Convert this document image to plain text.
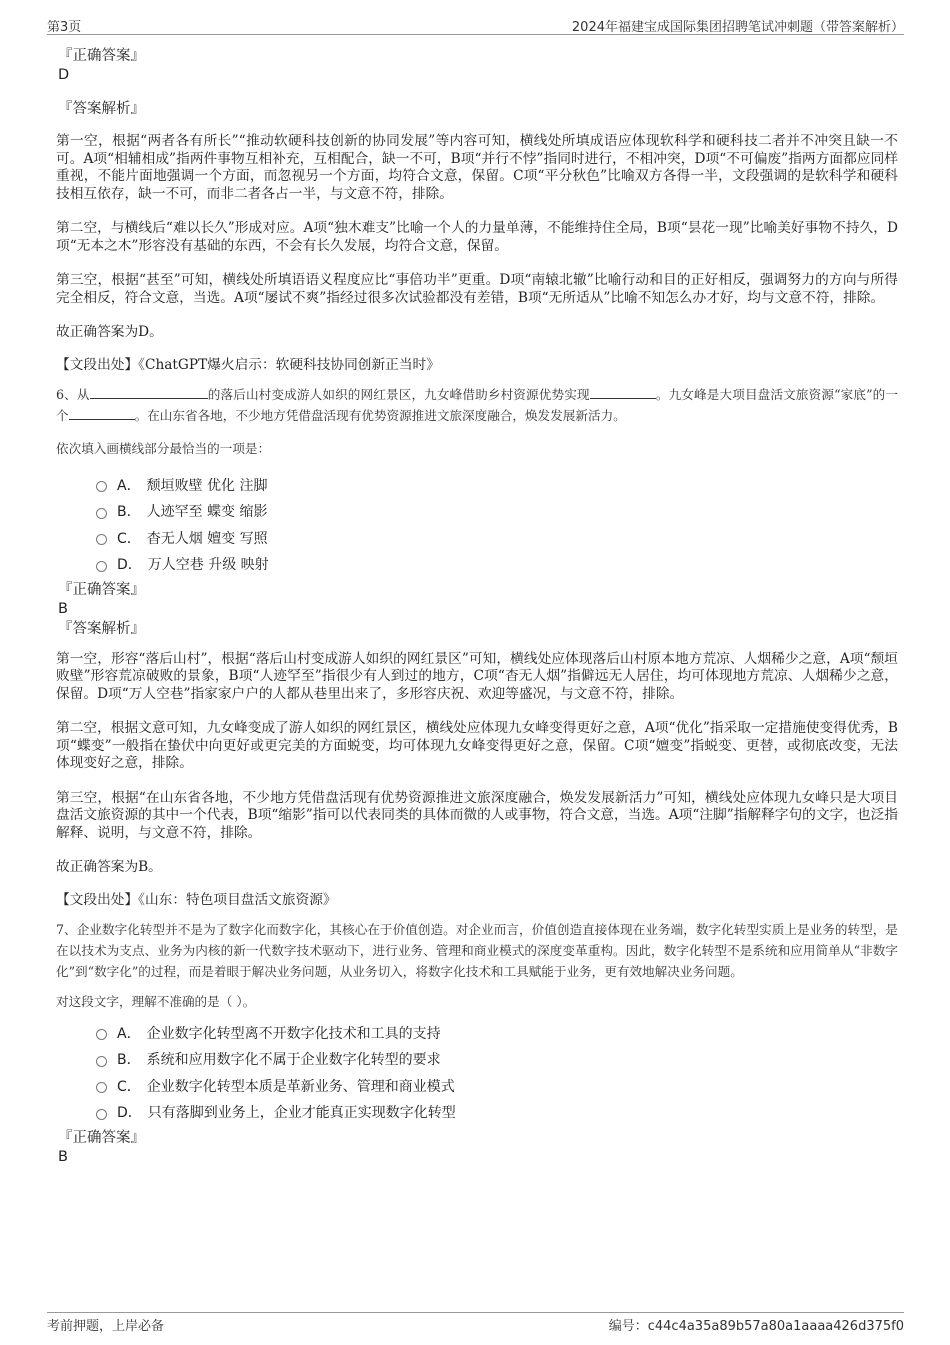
第3页	2024年福建宝成国际集团招聘笔试冲刺题（带答案解析）
『正确答案』
D
『答案解析』

第一空，根据“两者各有所长”“推动软硬科技创新的协同发展”等内容可知，横线处所填成语应体现软科学和硬科技二者并不冲突且缺一不可。A项“相辅相成”指两件事物互相补充，互相配合，缺一不可，B项“并行不悖”指同时进行，不相冲突，D项“不可偏废”指两方面都应同样重视，不能片面地强调一个方面，而忽视另一个方面，均符合文意，保留。C项“平分秋色”比喻双方各得一半，文段强调的是软科学和硬科技相互依存，缺一不可，而非二者各占一半，与文意不符，排除。

第二空，与横线后“难以长久”形成对应。A项“独木难支”比喻一个人的力量单薄，不能维持住全局，B项“昙花一现”比喻美好事物不持久，D项“无本之木”形容没有基础的东西，不会有长久发展，均符合文意，保留。

第三空，根据“甚至”可知，横线处所填语语义程度应比“事倍功半”更重。D项“南辕北辙”比喻行动和目的正好相反，强调努力的方向与所得完全相反，符合文意，当选。A项“屡试不爽”指经过很多次试验都没有差错，B项“无所适从”比喻不知怎么办才好，均与文意不符，排除。

故正确答案为D。

【文段出处】《ChatGPT爆火启示：软硬科技协同创新正当时》

6、从	的落后山村变成游人如织的网红景区，九女峰借助乡村资源优势实现	。九女峰是大项目盘活文旅资源“家底”的一个	。在山东省各地，不少地方凭借盘活现有优势资源推进文旅深度融合，焕发发展新活力。

依次填入画横线部分最恰当的一项是：

A． 颓垣败壁 优化 注脚
B． 人迹罕至 蝶变 缩影
C． 杳无人烟 嬗变 写照
D． 万人空巷 升级 映射
『正确答案』
B
『答案解析』

第一空，形容“落后山村”，根据“落后山村变成游人如织的网红景区”可知，横线处应体现落后山村原本地方荒凉、人烟稀少之意，A项“颓垣败壁”形容荒凉破败的景象，B项“人迹罕至”指很少有人到过的地方，C项“杳无人烟”指僻远无人居住，均可体现地方荒凉、人烟稀少之意，保留。D项“万人空巷”指家家户户的人都从巷里出来了，多形容庆祝、欢迎等盛况，与文意不符，排除。

第二空，根据文意可知，九女峰变成了游人如织的网红景区，横线处应体现九女峰变得更好之意，A项“优化”指采取一定措施使变得优秀，B项“蝶变”一般指在蛰伏中向更好或更完美的方面蜕变，均可体现九女峰变得更好之意，保留。C项“嬗变”指蜕变、更替，或彻底改变，无法体现变好之意，排除。

第三空，根据“在山东省各地，不少地方凭借盘活现有优势资源推进文旅深度融合，焕发发展新活力”可知，横线处应体现九女峰只是大项目盘活文旅资源的其中一个代表，B项“缩影”指可以代表同类的具体而微的人或事物，符合文意，当选。A项“注脚”指解释字句的文字，也泛指解释、说明，与文意不符，排除。

故正确答案为B。

【文段出处】《山东：特色项目盘活文旅资源》

7、企业数字化转型并不是为了数字化而数字化，其核心在于价值创造。对企业而言，价值创造直接体现在业务端，数字化转型实质上是业务的转型，是在以技术为支点、业务为内核的新一代数字技术驱动下，进行业务、管理和商业模式的深度变革重构。因此，数字化转型不是系统和应用简单从“非数字化”到“数字化”的过程，而是着眼于解决业务问题，从业务切入，将数字化技术和工具赋能于业务，更有效地解决业务问题。

对这段文字，理解不准确的是（ ）。

A． 企业数字化转型离不开数字化技术和工具的支持
B． 系统和应用数字化不属于企业数字化转型的要求
C． 企业数字化转型本质是革新业务、管理和商业模式
D． 只有落脚到业务上，企业才能真正实现数字化转型
『正确答案』
B
考前押题，上岸必备	编号：c44c4a35a89b57a80a1aaaa426d375f0
